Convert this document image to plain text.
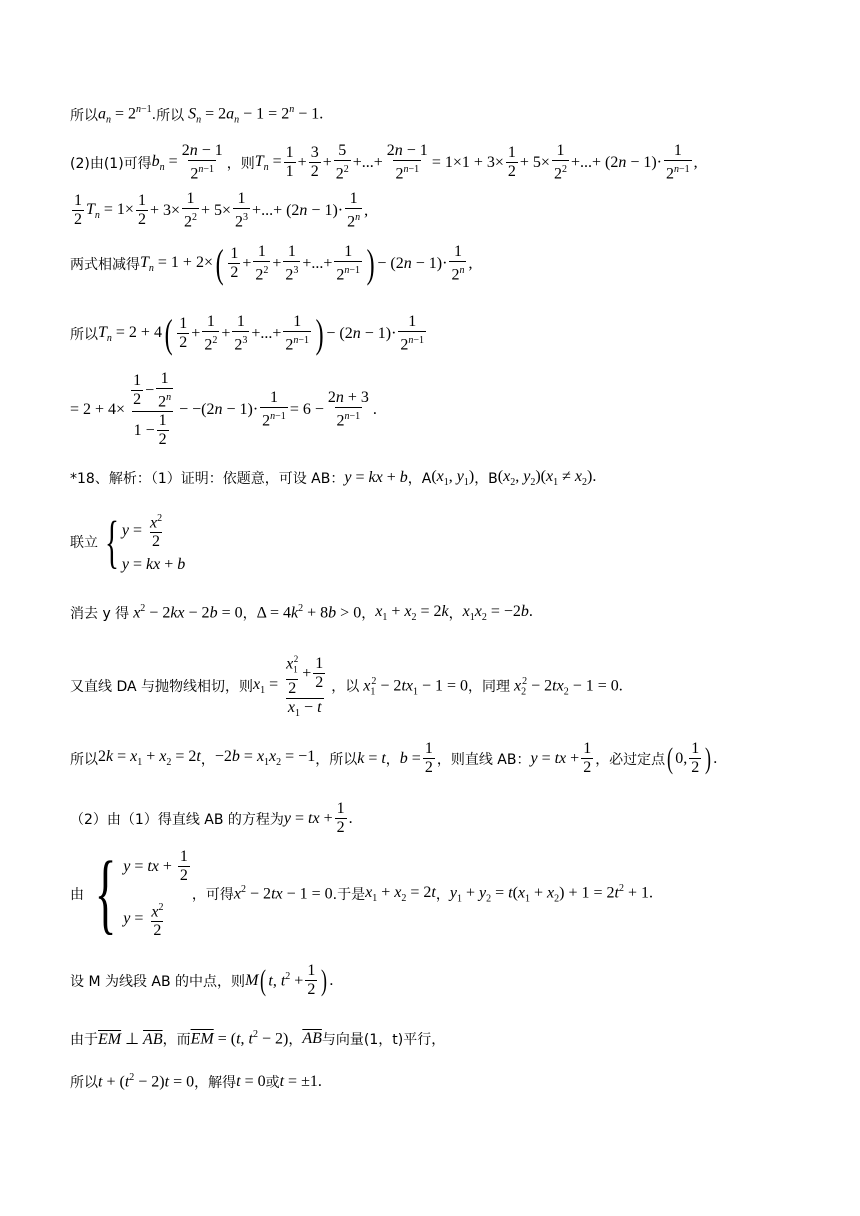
所以 $a_n = 2^{n-1}$ . 所以 $S_n = 2a_n - 1 = 2^n - 1$.
(2)由(1)可得 $b_n = \frac{2n - 1}{2^{n-1}}$ ，则 $T_n = \frac{1}{1} + \frac{3}{2} + \frac{5}{2^2}$ +...+ $\frac{2n - 1}{2^{n-1}} = 1\times 1 + 3\times \frac{1}{2} + 5\times \frac{1}{2^2}$ +...+ $(2n - 1)\cdot \frac{1}{2^{n-1}}$ ,
$\frac{1}{2} T_n = 1\times \frac{1}{2} + 3\times \frac{1}{2^2} + 5\times \frac{1}{2^3}$ +...+ $(2n - 1)\cdot \frac{1}{2^n}$ ,
两式相减得 $T_n = 1 + 2\times$ ( $\frac{1}{2} + \frac{1}{2^2} + \frac{1}{2^3}$ +...+ $\frac{1}{2^{n-1}}$ ) − $(2n - 1)\cdot \frac{1}{2^n}$ ,
所以 $T_n = 2 + 4$ ( $\frac{1}{2} + \frac{1}{2^2} + \frac{1}{2^3}$ +...+ $\frac{1}{2^{n-1}}$ ) − $(2n - 1)\cdot \frac{1}{2^{n-1}}$
= $2 + 4\times \frac{\frac{1}{2} - \frac{1}{2^n}}{1 - \frac{1}{2}} - -(2n - 1)\cdot \frac{1}{2^{n-1}} = 6 - \frac{2n + 3}{2^{n-1}}$ .
*18、解析：（1）证明：依题意，可设 AB： y = kx + b ，A ($x_1$, $y_1$) ，B ($x_2$, $y_2)(x_1 \ne x_2)$.
联立 { $y = \frac{x^2}{2}$
y = kx + b
消去 y 得 $x^2 - 2kx - 2b = 0$ ， $\Delta = 4k^2 + 8b > 0$ ， $x_1 + x_2 = 2k$ ， $x_1x_2 = -2b$.
又直线 DA 与抛物线相切，则 $x_1 = \frac{\frac{x_1^2}{2} + \frac{1}{2}}{x_1 - t}$ ，以 $x_1^2 - 2tx_1 - 1 = 0$ ，同理 $x_2^2 - 2tx_2 - 1 = 0$.
所以 $2k = x_1 + x_2 = 2t$ ， $-2b = x_1x_2 = -1$ ，所以 k = t ， $b = \frac{1}{2}$ ，则直线 AB： y = tx + $\frac{1}{2}$ ，必过定点 ( 0, $\frac{1}{2}$ ) .
（2）由（1）得直线 AB 的方程为 y = tx + $\frac{1}{2}$ .
由 { y = tx + $\frac{1}{2}$
$y = \frac{x^2}{2}$
，可得 $x^2 - 2tx - 1 = 0$ .于是 $x_1 + x_2 = 2t$ ， $y_1 + y_2 = t(x_1 + x_2) + 1 = 2t^2 + 1$.
设 M 为线段 AB 的中点，则 M ( t, $t^2 + \frac{1}{2}$ ) .
由于 $\overline{EM}$ ⊥ $\overline{AB}$ ，而 $\overline{EM} = (t$, $t^2 - 2$) ， $\overline{AB}$ 与向量(1，t)平行，
所以 $t + (t^2 - 2)t = 0$ ，解得 t = 0 或 t = ±1.
